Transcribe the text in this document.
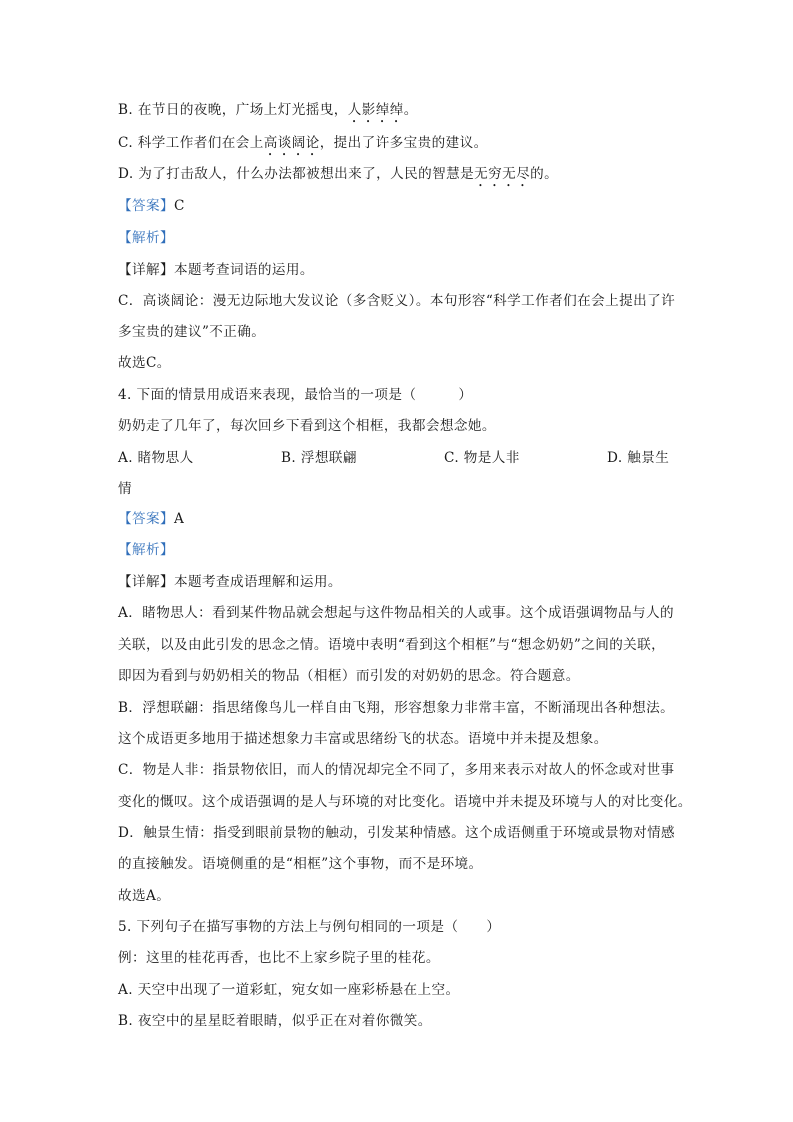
B. 在节日的夜晚，广场上灯光摇曳，人影绰绰。
C. 科学工作者们在会上高谈阔论，提出了许多宝贵的建议。
D. 为了打击敌人，什么办法都被想出来了，人民的智慧是无穷无尽的。
【答案】C
【解析】
【详解】本题考查词语的运用。
C．高谈阔论：漫无边际地大发议论（多含贬义）。本句形容“科学工作者们在会上提出了许
多宝贵的建议”不正确。
故选C。
4. 下面的情景用成语来表现，最恰当的一项是（　　　）
奶奶走了几年了，每次回乡下看到这个相框，我都会想念她。
A. 睹物思人	B. 浮想联翩	C. 物是人非	D. 触景生
情
【答案】A
【解析】
【详解】本题考查成语理解和运用。
A．睹物思人：看到某件物品就会想起与这件物品相关的人或事。这个成语强调物品与人的
关联，以及由此引发的思念之情。语境中表明“看到这个相框”与“想念奶奶”之间的关联，
即因为看到与奶奶相关的物品（相框）而引发的对奶奶的思念。符合题意。
B．浮想联翩：指思绪像鸟儿一样自由飞翔，形容想象力非常丰富，不断涌现出各种想法。
这个成语更多地用于描述想象力丰富或思绪纷飞的状态。语境中并未提及想象。
C．物是人非：指景物依旧，而人的情况却完全不同了，多用来表示对故人的怀念或对世事
变化的慨叹。这个成语强调的是人与环境的对比变化。语境中并未提及环境与人的对比变化。
D．触景生情：指受到眼前景物的触动，引发某种情感。这个成语侧重于环境或景物对情感
的直接触发。语境侧重的是“相框”这个事物，而不是环境。
故选A。
5. 下列句子在描写事物的方法上与例句相同的一项是（　　）
例：这里的桂花再香，也比不上家乡院子里的桂花。
A. 天空中出现了一道彩虹，宛女如一座彩桥悬在上空。
B. 夜空中的星星眨着眼睛，似乎正在对着你微笑。
